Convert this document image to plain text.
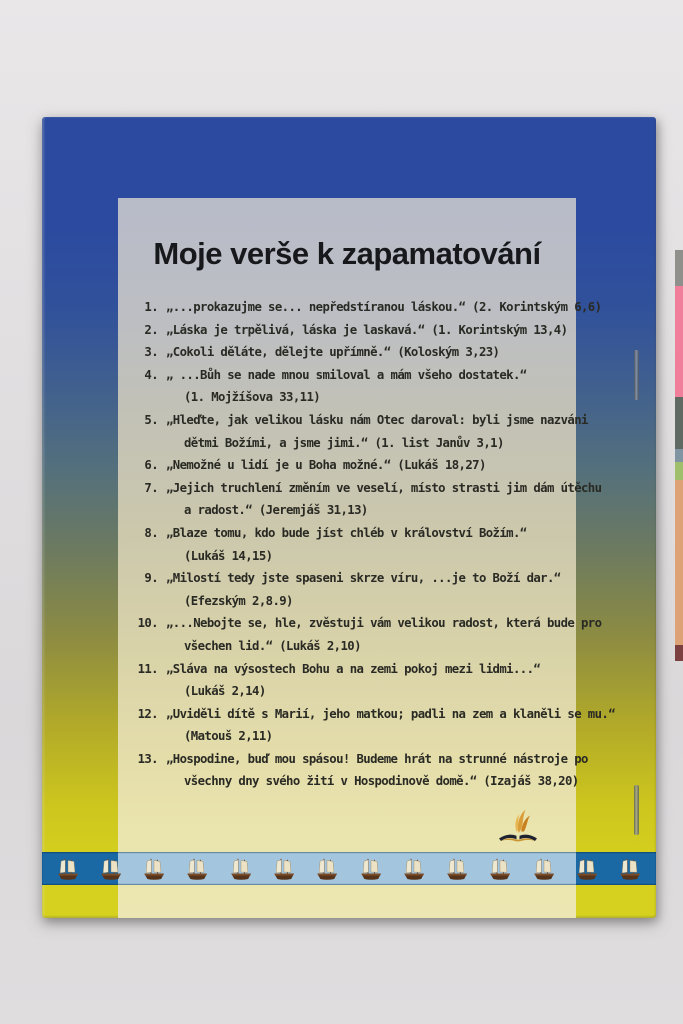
Moje verše k zapamatování
1. „...prokazujme se... nepředstíranou láskou.“ (2. Korintským 6,6)
2. „Láska je trpělivá, láska je laskavá.“ (1. Korintským 13,4)
3. „Cokoli děláte, dělejte upřímně.“ (Koloským 3,23)
4. „ ...Bůh se nade mnou smiloval a mám všeho dostatek.“
(1. Mojžíšova 33,11)
5. „Hleďte, jak velikou lásku nám Otec daroval: byli jsme nazváni
dětmi Božími, a jsme jimi.“ (1. list Janův 3,1)
6. „Nemožné u lidí je u Boha možné.“ (Lukáš 18,27)
7. „Jejich truchlení změním ve veselí, místo strasti jim dám útěchu
a radost.“ (Jeremjáš 31,13)
8. „Blaze tomu, kdo bude jíst chléb v království Božím.“
(Lukáš 14,15)
9. „Milostí tedy jste spaseni skrze víru, ...je to Boží dar.“
(Efezským 2,8.9)
10. „...Nebojte se, hle, zvěstuji vám velikou radost, která bude pro
všechen lid.“ (Lukáš 2,10)
11. „Sláva na výsostech Bohu a na zemi pokoj mezi lidmi...“
(Lukáš 2,14)
12. „Uviděli dítě s Marií, jeho matkou; padli na zem a klaněli se mu.“
(Matouš 2,11)
13. „Hospodine, buď mou spásou! Budeme hrát na strunné nástroje po
všechny dny svého žití v Hospodinově domě.“ (Izajáš 38,20)
